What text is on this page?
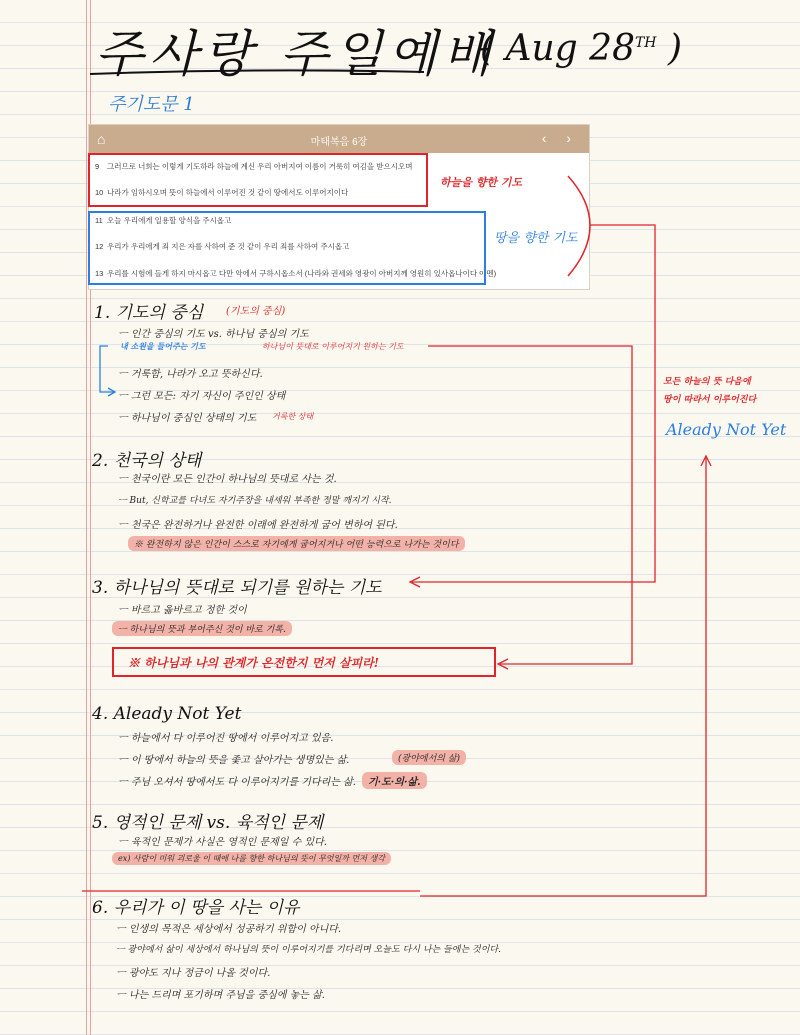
주사랑 주일예배
( Aug 28TH )
주기도문 1
⌂	마태복음 6장	‹ ›
9 그러므로 너희는 이렇게 기도하라 하늘에 계신 우리 아버지여 이름이 거룩히 여김을 받으시오며
10 나라가 임하시오며 뜻이 하늘에서 이루어진 것 같이 땅에서도 이루어지이다
11 오늘 우리에게 일용할 양식을 주시옵고
12 우리가 우리에게 죄 지은 자를 사하여 준 것 같이 우리 죄를 사하여 주시옵고
13 우리를 시험에 들게 하지 마시옵고 다만 악에서 구하시옵소서 (나라와 권세와 영광이 아버지께 영원히 있사옵나이다 아멘)
하늘을 향한 기도
땅을 향한 기도
모든 하늘의 뜻 다음에
땅이 따라서 이루어진다
Aleady Not Yet
1. 기도의 중심 (기도의 중심)
ㅡ 인간 중심의 기도 vs. 하나님 중심의 기도
내 소원을 들어주는 기도	하나님이 뜻대로 이루어지기 원하는 기도
ㅡ 거룩함, 나라가 오고 뜻하신다.
ㅡ 그런 모든: 자기 자신이 주인인 상태
ㅡ 하나님이 중심인 상태의 기도 거룩한 상태
2. 천국의 상태
ㅡ 천국이란 모든 인간이 하나님의 뜻대로 사는 것.
ㅡ But, 신학교를 다녀도 자기주장을 내세워 부족한 정말 깨지기 시작.
ㅡ 천국은 완전하거나 완전한 이래에 완전하게 굽어 변하여 된다.
※ 완전하지 않은 인간이 스스로 자기에게 굽어지거나 어떤 능력으로 나가는 것이다
3. 하나님의 뜻대로 되기를 원하는 기도
ㅡ 바르고 옳바르고 정한 것이
ㅡ 하나님의 뜻과 부어주신 것이 바로 기록.
※ 하나님과 나의 관계가 온전한지 먼저 살피라!
4. Aleady Not Yet
ㅡ 하늘에서 다 이루어진 땅에서 이루어지고 있음.
ㅡ 이 땅에서 하늘의 뜻을 좇고 살아가는 생명있는 삶.	(광야에서의 삶)
ㅡ 주님 오셔서 땅에서도 다 이루어지기를 기다리는 삶.	기·도·의·삶.
5. 영적인 문제 vs. 육적인 문제
ㅡ 육적인 문제가 사실은 영적인 문제일 수 있다.
ex) 사람이 미워 괴로울 이 때에 나를 향한 하나님의 뜻이 무엇일까 먼저 생각
6. 우리가 이 땅을 사는 이유
ㅡ 인생의 목적은 세상에서 성공하기 위함이 아니다.
ㅡ 광야에서 삶이 세상에서 하나님의 뜻이 이루어지기를 기다리며 오늘도 다시 나는 들에는 것이다.
ㅡ 광야도 지나 정금이 나올 것이다.
ㅡ 나는 드리며 포기하며 주님을 중심에 놓는 삶.
